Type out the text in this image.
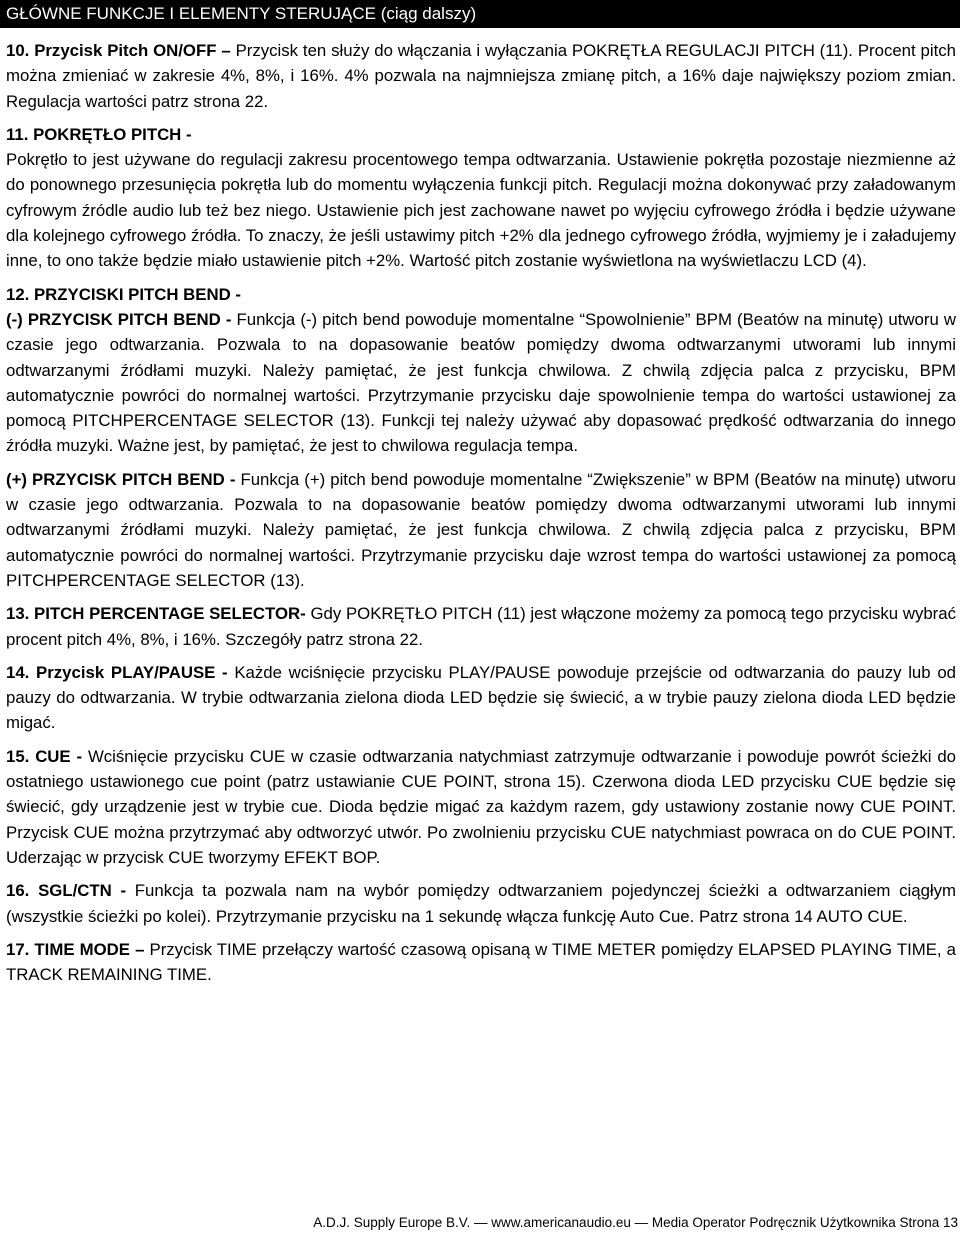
GŁÓWNE FUNKCJE I ELEMENTY STERUJĄCE (ciąg dalszy)

10. Przycisk Pitch ON/OFF – Przycisk ten służy do włączania i wyłączania POKRĘTŁA REGULACJI PITCH (11). Procent pitch można zmieniać w zakresie 4%, 8%, i 16%. 4% pozwala na najmniejsza zmianę pitch, a 16% daje największy poziom zmian. Regulacja wartości patrz strona 22.

11. POKRĘTŁO PITCH -

Pokrętło to jest używane do regulacji zakresu procentowego tempa odtwarzania. Ustawienie pokrętła pozostaje niezmienne aż do ponownego przesunięcia pokrętła lub do momentu wyłączenia funkcji pitch. Regulacji można dokonywać przy załadowanym cyfrowym źródle audio lub też bez niego. Ustawienie pich jest zachowane nawet po wyjęciu cyfrowego źródła i będzie używane dla kolejnego cyfrowego źródła. To znaczy, że jeśli ustawimy pitch +2% dla jednego cyfrowego źródła, wyjmiemy je i załadujemy inne, to ono także będzie miało ustawienie pitch +2%. Wartość pitch zostanie wyświetlona na wyświetlaczu LCD (4).

12. PRZYCISKI PITCH BEND -

(-) PRZYCISK PITCH BEND - Funkcja (-) pitch bend powoduje momentalne “Spowolnienie” BPM (Beatów na minutę) utworu w czasie jego odtwarzania. Pozwala to na dopasowanie beatów pomiędzy dwoma odtwarzanymi utworami lub innymi odtwarzanymi źródłami muzyki. Należy pamiętać, że jest funkcja chwilowa. Z chwilą zdjęcia palca z przycisku, BPM automatycznie powróci do normalnej wartości. Przytrzymanie przycisku daje spowolnienie tempa do wartości ustawionej za pomocą PITCHPERCENTAGE SELECTOR (13). Funkcji tej należy używać aby dopasować prędkość odtwarzania do innego źródła muzyki. Ważne jest, by pamiętać, że jest to chwilowa regulacja tempa.

(+) PRZYCISK PITCH BEND - Funkcja (+) pitch bend powoduje momentalne “Zwiększenie” w BPM (Beatów na minutę) utworu w czasie jego odtwarzania. Pozwala to na dopasowanie beatów pomiędzy dwoma odtwarzanymi utworami lub innymi odtwarzanymi źródłami muzyki. Należy pamiętać, że jest funkcja chwilowa. Z chwilą zdjęcia palca z przycisku, BPM automatycznie powróci do normalnej wartości. Przytrzymanie przycisku daje wzrost tempa do wartości ustawionej za pomocą PITCHPERCENTAGE SELECTOR (13).

13. PITCH PERCENTAGE SELECTOR- Gdy POKRĘTŁO PITCH (11) jest włączone możemy za pomocą tego przycisku wybrać procent pitch 4%, 8%, i 16%. Szczegóły patrz strona 22.

14. Przycisk PLAY/PAUSE - Każde wciśnięcie przycisku PLAY/PAUSE powoduje przejście od odtwarzania do pauzy lub od pauzy do odtwarzania. W trybie odtwarzania zielona dioda LED będzie się świecić, a w trybie pauzy zielona dioda LED będzie migać.

15. CUE - Wciśnięcie przycisku CUE w czasie odtwarzania natychmiast zatrzymuje odtwarzanie i powoduje powrót ścieżki do ostatniego ustawionego cue point (patrz ustawianie CUE POINT, strona 15). Czerwona dioda LED przycisku CUE będzie się świecić, gdy urządzenie jest w trybie cue. Dioda będzie migać za każdym razem, gdy ustawiony zostanie nowy CUE POINT. Przycisk CUE można przytrzymać aby odtworzyć utwór. Po zwolnieniu przycisku CUE natychmiast powraca on do CUE POINT. Uderzając w przycisk CUE tworzymy EFEKT BOP.

16. SGL/CTN - Funkcja ta pozwala nam na wybór pomiędzy odtwarzaniem pojedynczej ścieżki a odtwarzaniem ciągłym (wszystkie ścieżki po kolei). Przytrzymanie przycisku na 1 sekundę włącza funkcję Auto Cue. Patrz strona 14 AUTO CUE.

17. TIME MODE – Przycisk TIME przełączy wartość czasową opisaną w TIME METER pomiędzy ELAPSED PLAYING TIME, a TRACK REMAINING TIME.

A.D.J. Supply Europe B.V. — www.americanaudio.eu — Media Operator Podręcznik Użytkownika Strona 13
